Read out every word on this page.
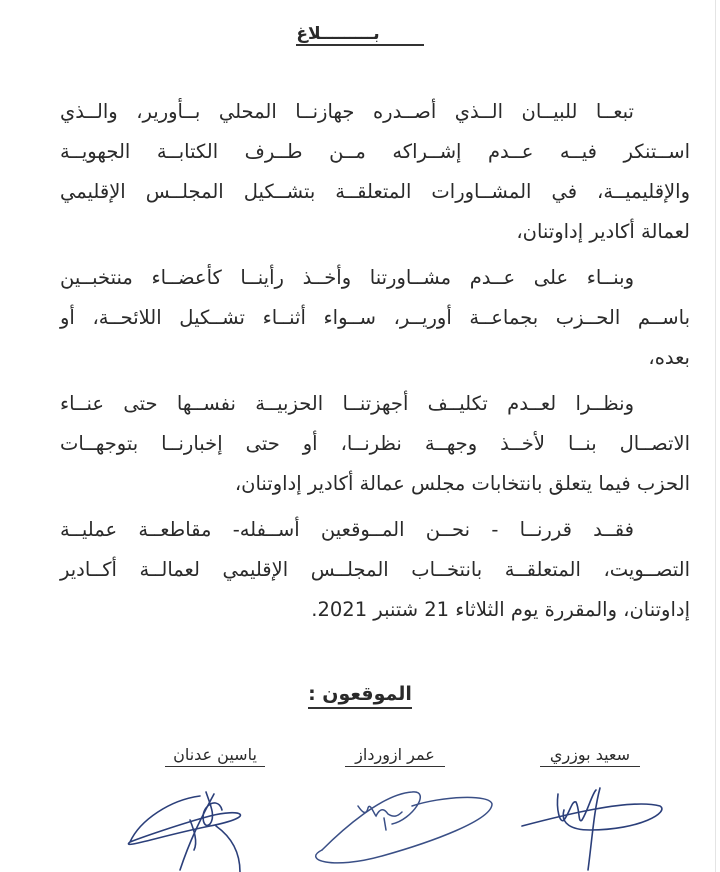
بـــــــــلاغ
تبعــا للبيــان الــذي أصــدره جهازنــا المحلي بــأورير، والــذي
اســتنكر فيــه عــدم إشــراكه مــن طــرف الكتابــة الجهويــة
والإقليميــة، في المشــاورات المتعلقــة بتشــكيل المجلــس الإقليمي
لعمالة أكادير إداوتنان،
وبنــاء على عــدم مشــاورتنا وأخــذ رأينــا كأعضــاء منتخبــين
باســم الحــزب بجماعــة أوريــر، ســواء أثنــاء تشــكيل اللائحــة، أو
بعده،
ونظــرا لعــدم تكليــف أجهزتنــا الحزبيــة نفســها حتى عنــاء
الاتصــال بنــا لأخــذ وجهــة نظرنــا، أو حتى إخبارنــا بتوجهــات
الحزب فيما يتعلق بانتخابات مجلس عمالة أكادير إداوتنان،
فقــد قررنــا - نحــن المــوقعين أســفله- مقاطعــة عمليــة
التصــويت، المتعلقــة بانتخــاب المجلــس الإقليمي لعمالــة أكــادير
إداوتنان، والمقررة يوم الثلاثاء 21 شتنبر 2021.
الموقعون :
سعيد بوزري
عمر ازورداز
ياسين عدنان
